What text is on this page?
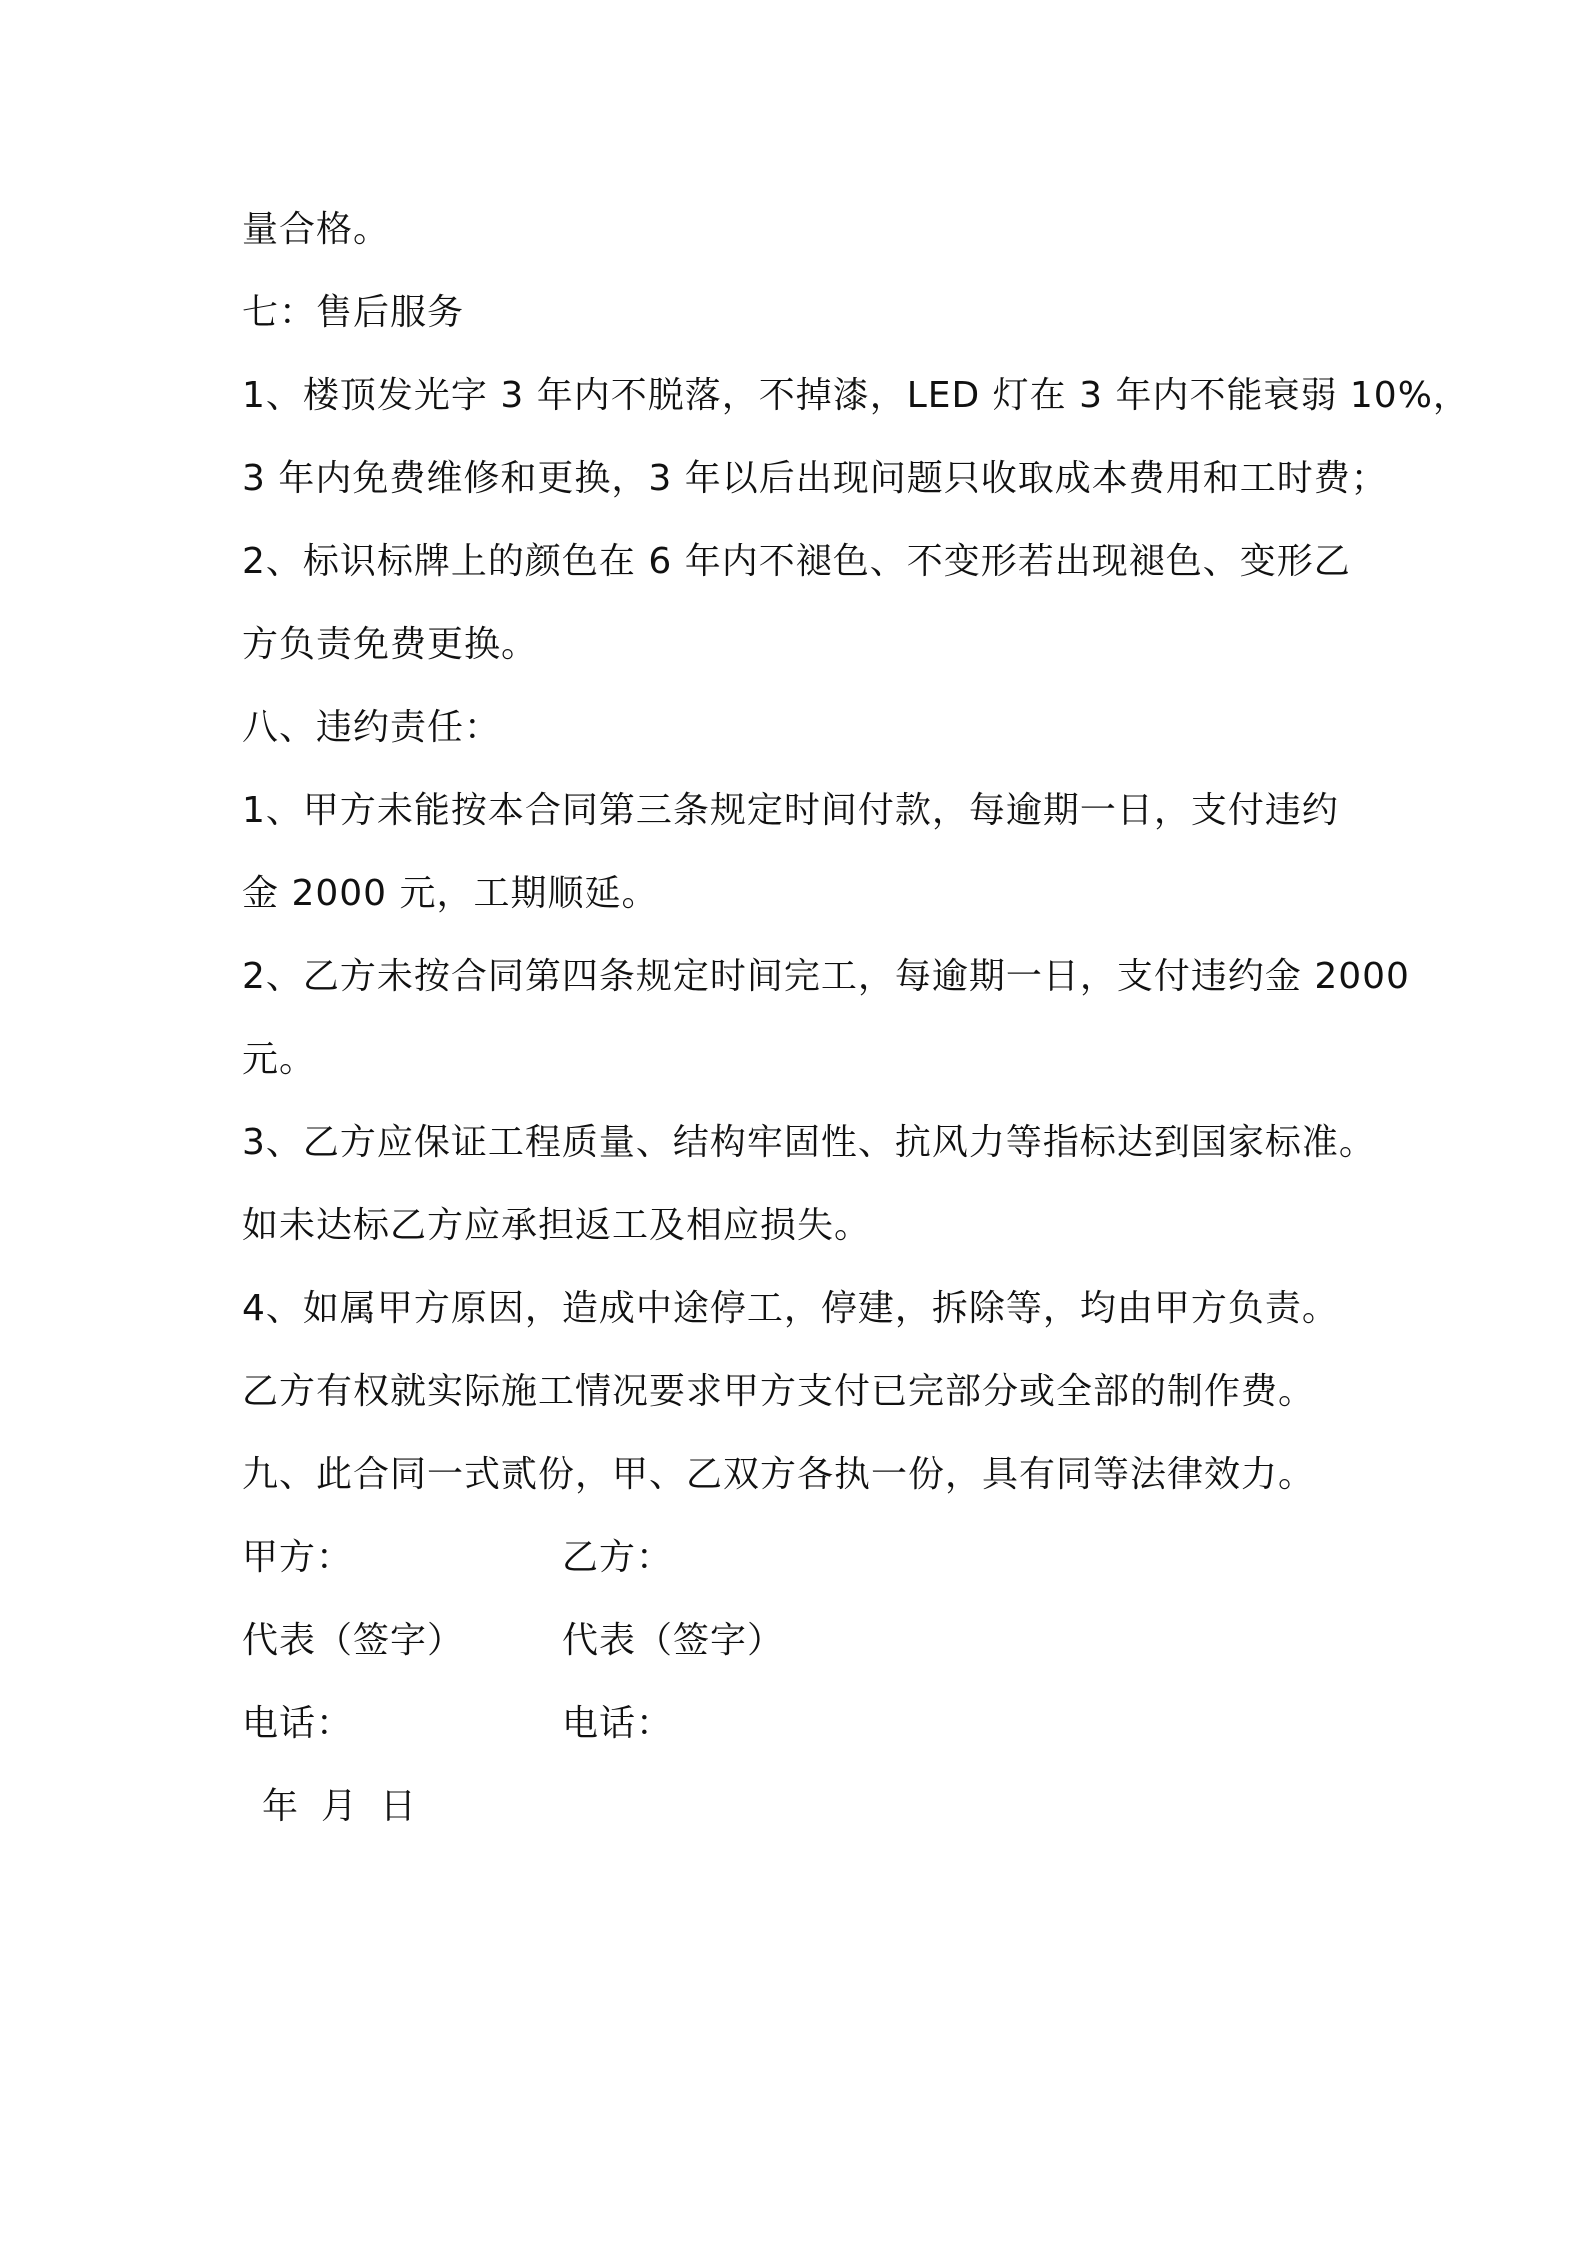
量合格。
七：售后服务
1、楼顶发光字 3 年内不脱落，不掉漆，LED 灯在 3 年内不能衰弱 10%，
3 年内免费维修和更换，3 年以后出现问题只收取成本费用和工时费；
2、标识标牌上的颜色在 6 年内不褪色、不变形若出现褪色、变形乙
方负责免费更换。
八、违约责任：
1、甲方未能按本合同第三条规定时间付款，每逾期一日，支付违约
金 2000 元，工期顺延。
2、乙方未按合同第四条规定时间完工，每逾期一日，支付违约金 2000
元。
3、乙方应保证工程质量、结构牢固性、抗风力等指标达到国家标准。
如未达标乙方应承担返工及相应损失。
4、如属甲方原因，造成中途停工，停建，拆除等，均由甲方负责。
乙方有权就实际施工情况要求甲方支付已完部分或全部的制作费。
九、此合同一式贰份，甲、乙双方各执一份，具有同等法律效力。
甲方：	乙方：
代表（签字）	代表（签字）
电话：	电话：
年 月 日
